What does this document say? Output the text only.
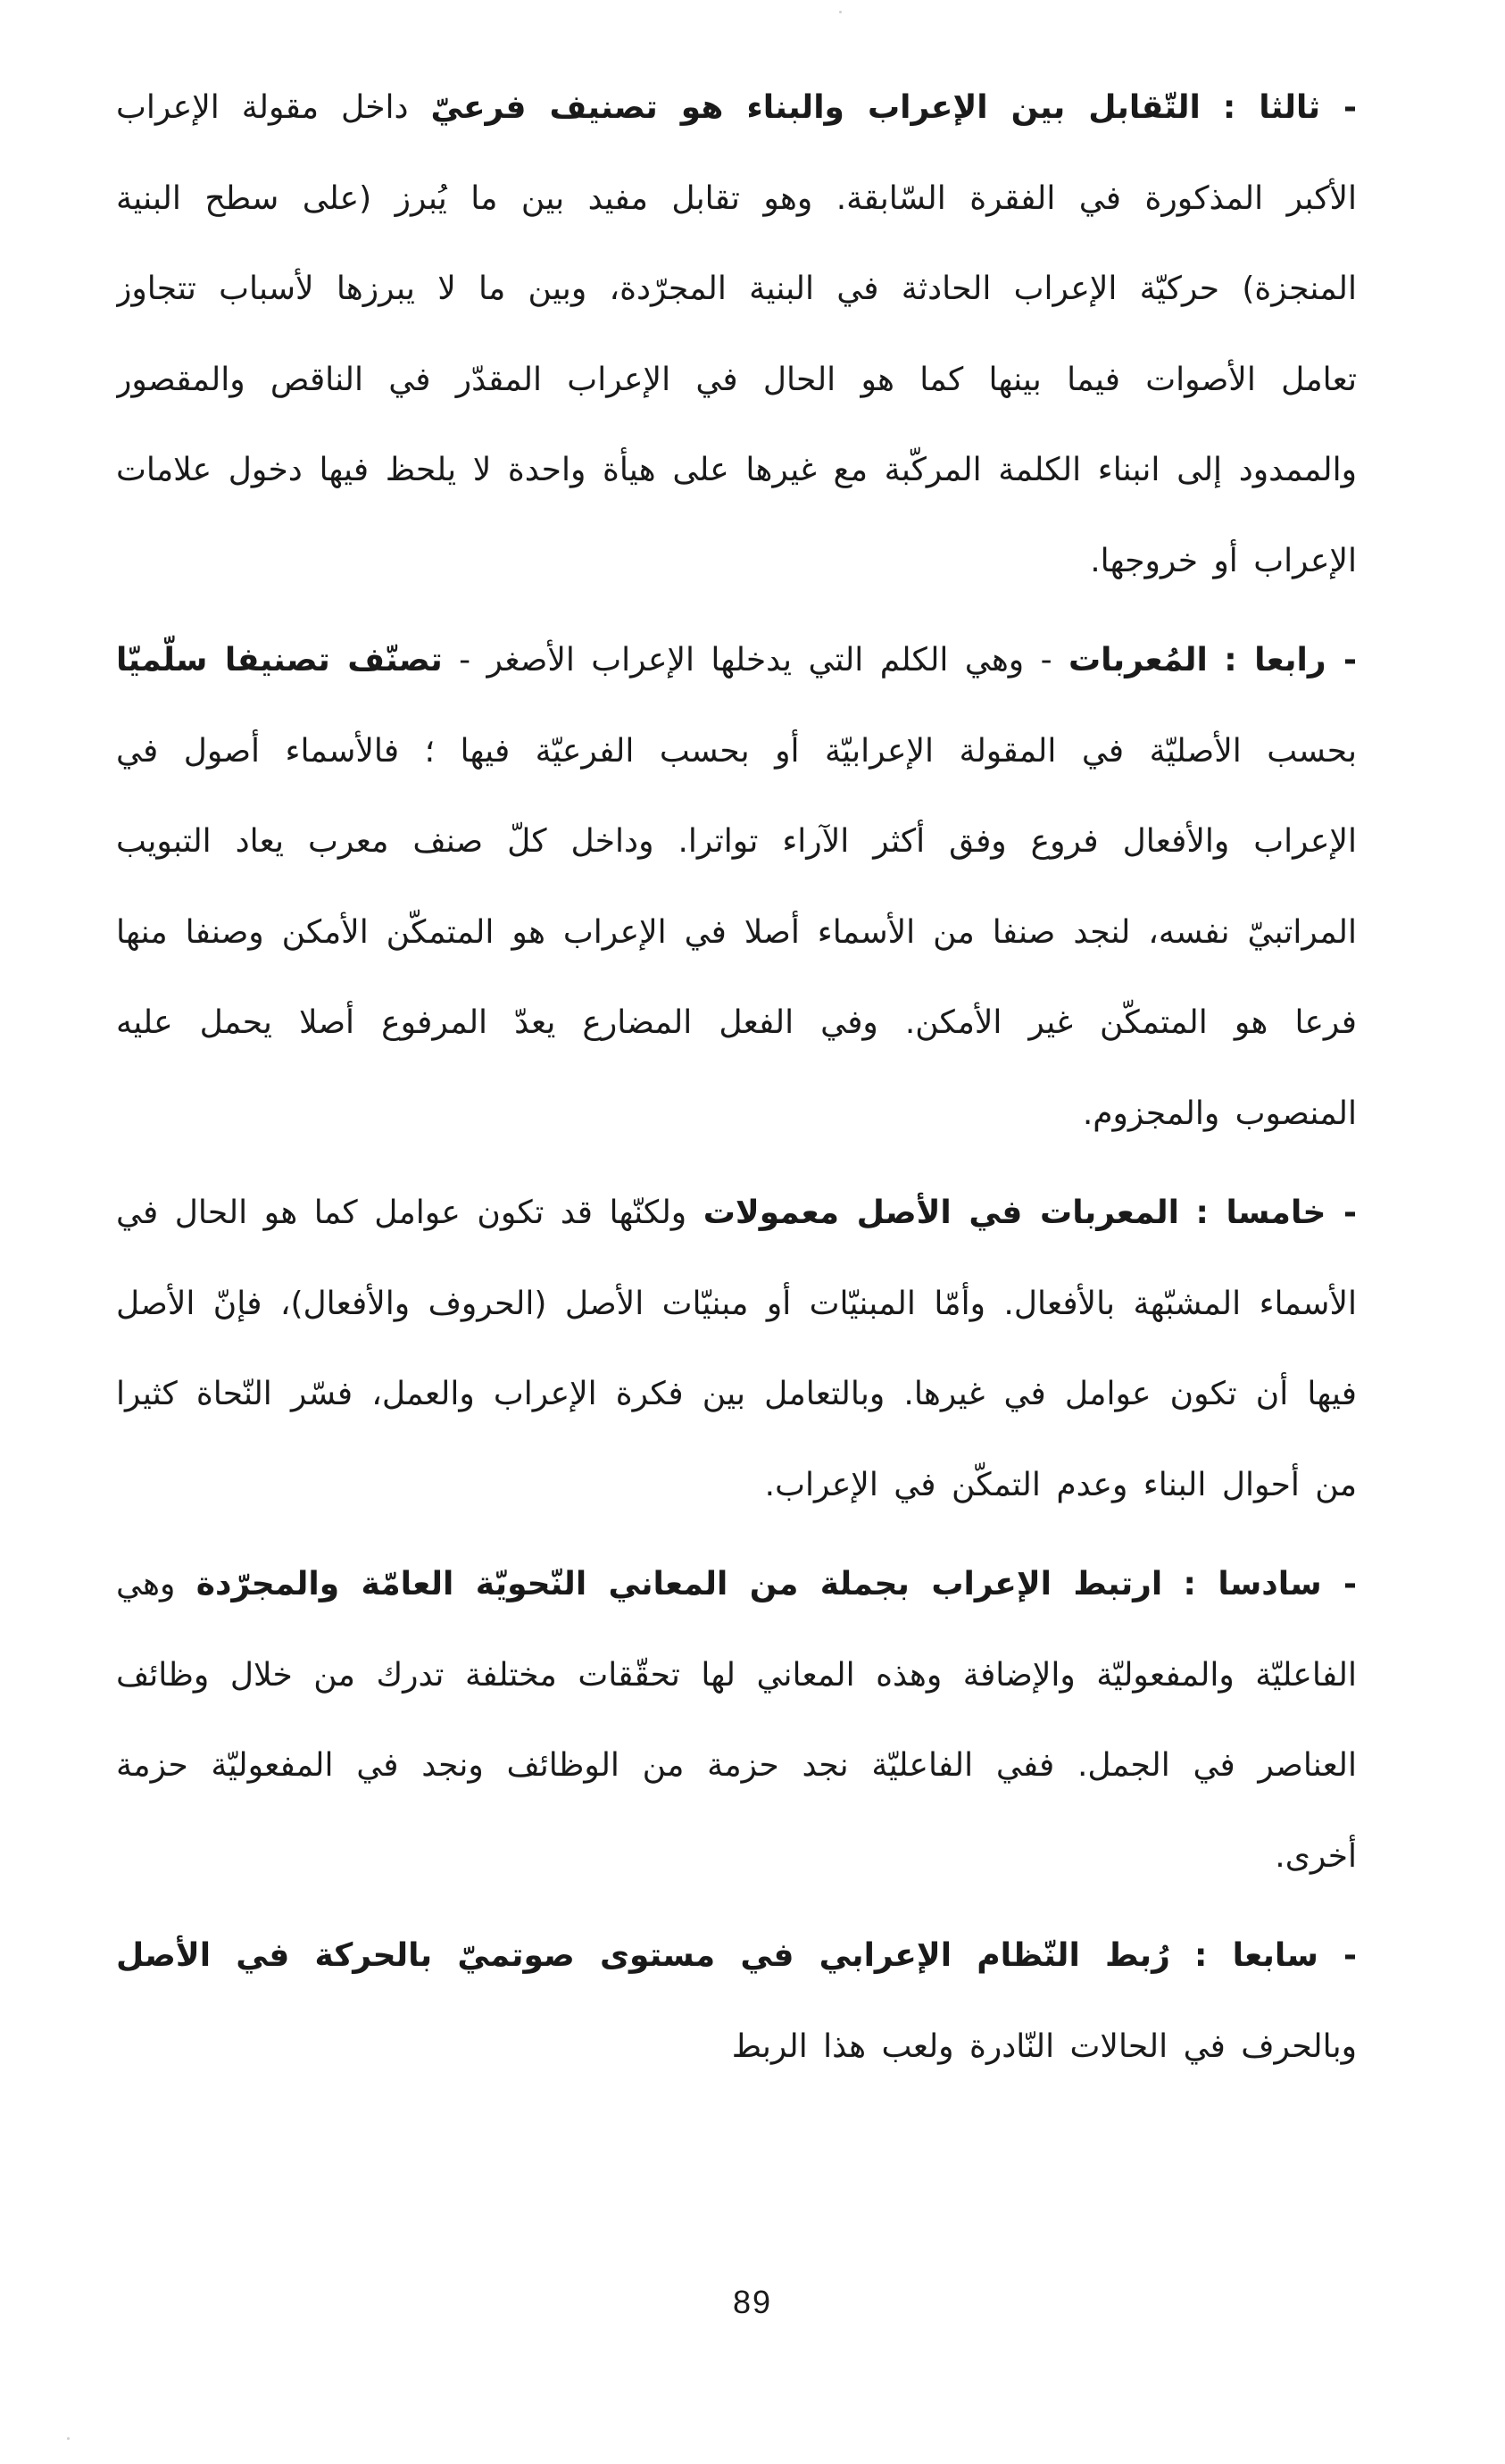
- ثالثا : التّقابل بين الإعراب والبناء هو تصنيف فرعيّ داخل مقولة الإعراب الأكبر المذكورة في الفقرة السّابقة. وهو تقابل مفيد بين ما يُبرز (على سطح البنية المنجزة) حركيّة الإعراب الحادثة في البنية المجرّدة، وبين ما لا يبرزها لأسباب تتجاوز تعامل الأصوات فيما بينها كما هو الحال في الإعراب المقدّر في الناقص والمقصور والممدود إلى انبناء الكلمة المركّبة مع غيرها على هيأة واحدة لا يلحظ فيها دخول علامات الإعراب أو خروجها.

- رابعا : المُعربات - وهي الكلم التي يدخلها الإعراب الأصغر - تصنّف تصنيفا سلّميّا بحسب الأصليّة في المقولة الإعرابيّة أو بحسب الفرعيّة فيها ؛ فالأسماء أصول في الإعراب والأفعال فروع وفق أكثر الآراء تواترا. وداخل كلّ صنف معرب يعاد التبويب المراتبيّ نفسه، لنجد صنفا من الأسماء أصلا في الإعراب هو المتمكّن الأمكن وصنفا منها فرعا هو المتمكّن غير الأمكن. وفي الفعل المضارع يعدّ المرفوع أصلا يحمل عليه المنصوب والمجزوم.

- خامسا : المعربات في الأصل معمولات ولكنّها قد تكون عوامل كما هو الحال في الأسماء المشبّهة بالأفعال. وأمّا المبنيّات أو مبنيّات الأصل (الحروف والأفعال)، فإنّ الأصل فيها أن تكون عوامل في غيرها. وبالتعامل بين فكرة الإعراب والعمل، فسّر النّحاة كثيرا من أحوال البناء وعدم التمكّن في الإعراب.

- سادسا : ارتبط الإعراب بجملة من المعاني النّحويّة العامّة والمجرّدة وهي الفاعليّة والمفعوليّة والإضافة وهذه المعاني لها تحقّقات مختلفة تدرك من خلال وظائف العناصر في الجمل. ففي الفاعليّة نجد حزمة من الوظائف ونجد في المفعوليّة حزمة أخرى.

- سابعا : رُبط النّظام الإعرابي في مستوى صوتميّ بالحركة في الأصل وبالحرف في الحالات النّادرة ولعب هذا الربط

89
